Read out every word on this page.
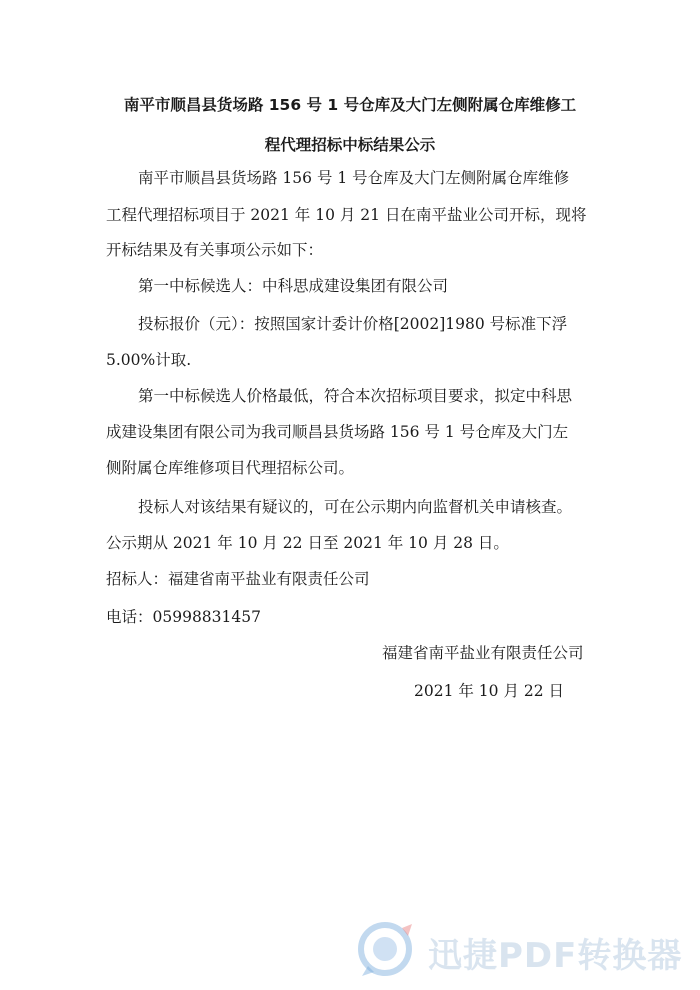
南平市顺昌县货场路 156 号 1 号仓库及大门左侧附属仓库维修工
程代理招标中标结果公示
南平市顺昌县货场路 156 号 1 号仓库及大门左侧附属仓库维修
工程代理招标项目于 2021 年 10 月 21 日在南平盐业公司开标，现将
开标结果及有关事项公示如下：
第一中标候选人：中科思成建设集团有限公司
投标报价（元）：按照国家计委计价格[2002]1980 号标准下浮
5.00%计取.
第一中标候选人价格最低，符合本次招标项目要求，拟定中科思
成建设集团有限公司为我司顺昌县货场路 156 号 1 号仓库及大门左
侧附属仓库维修项目代理招标公司。
投标人对该结果有疑议的，可在公示期内向监督机关申请核查。
公示期从 2021 年 10 月 22 日至 2021 年 10 月 28 日。
招标人：福建省南平盐业有限责任公司
电话：05998831457
福建省南平盐业有限责任公司
2021 年 10 月 22 日
迅捷PDF转换器
